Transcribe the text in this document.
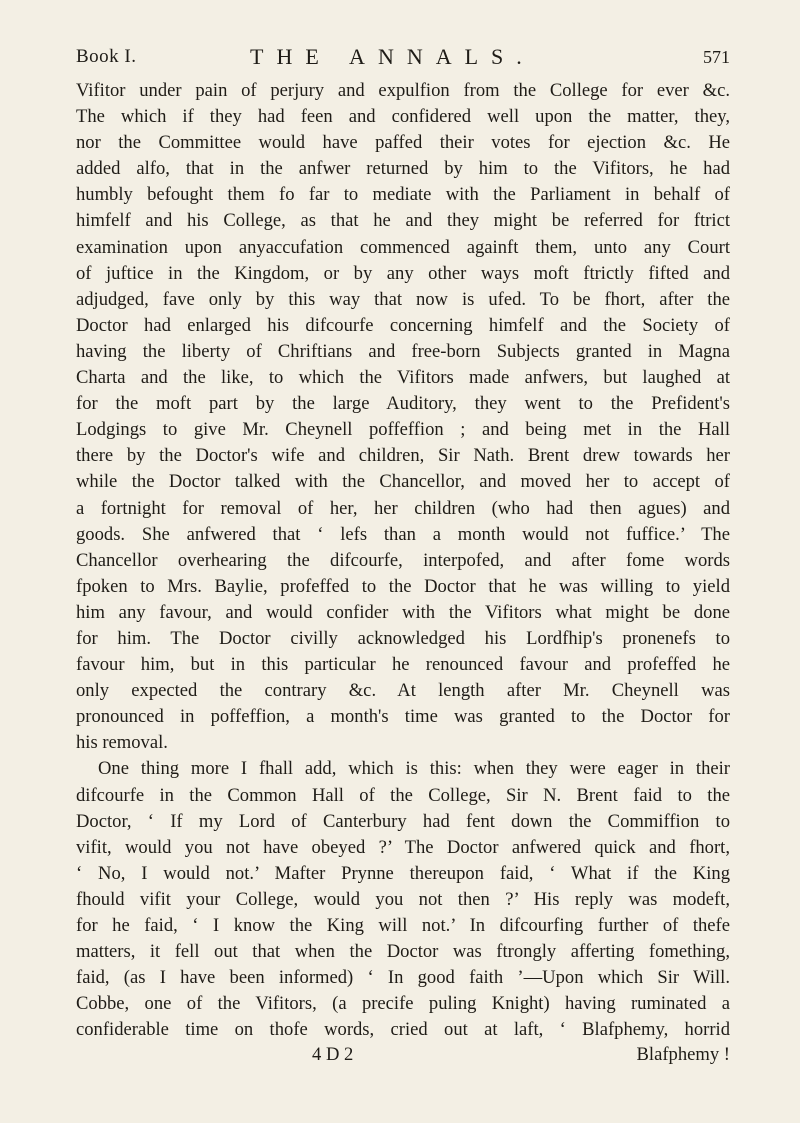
Book I.	THE ANNALS.	571
Vifitor under pain of perjury and expulfion from the College for ever &c.
The which if they had feen and confidered well upon the matter, they,
nor the Committee would have paffed their votes for ejection &c. He
added alfo, that in the anfwer returned by him to the Vifitors, he had
humbly befought them fo far to mediate with the Parliament in behalf of
himfelf and his College, as that he and they might be referred for ftrict
examination upon anyaccufation commenced againft them, unto any Court
of juftice in the Kingdom, or by any other ways moft ftrictly fifted and
adjudged, fave only by this way that now is ufed. To be fhort, after the
Doctor had enlarged his difcourfe concerning himfelf and the Society of
having the liberty of Chriftians and free-born Subjects granted in Magna
Charta and the like, to which the Vifitors made anfwers, but laughed at
for the moft part by the large Auditory, they went to the Prefident's
Lodgings to give Mr. Cheynell poffeffion ; and being met in the Hall
there by the Doctor's wife and children, Sir Nath. Brent drew towards her
while the Doctor talked with the Chancellor, and moved her to accept of
a fortnight for removal of her, her children (who had then agues) and
goods. She anfwered that ‘ lefs than a month would not fuffice.’ The
Chancellor overhearing the difcourfe, interpofed, and after fome words
fpoken to Mrs. Baylie, profeffed to the Doctor that he was willing to yield
him any favour, and would confider with the Vifitors what might be done
for him. The Doctor civilly acknowledged his Lordfhip's pronenefs to
favour him, but in this particular he renounced favour and profeffed he
only expected the contrary &c. At length after Mr. Cheynell was
pronounced in poffeffion, a month's time was granted to the Doctor for
his removal.
One thing more I fhall add, which is this: when they were eager in their
difcourfe in the Common Hall of the College, Sir N. Brent faid to the
Doctor, ‘ If my Lord of Canterbury had fent down the Commiffion to
vifit, would you not have obeyed ?’ The Doctor anfwered quick and fhort,
‘ No, I would not.’ Mafter Prynne thereupon faid, ‘ What if the King
fhould vifit your College, would you not then ?’ His reply was modeft,
for he faid, ‘ I know the King will not.’ In difcourfing further of thefe
matters, it fell out that when the Doctor was ftrongly afferting fomething,
faid, (as I have been informed) ‘ In good faith ’—Upon which Sir Will.
Cobbe, one of the Vifitors, (a precife puling Knight) having ruminated a
confiderable time on thofe words, cried out at laft, ‘ Blafphemy, horrid
4 D 2	Blafphemy !
